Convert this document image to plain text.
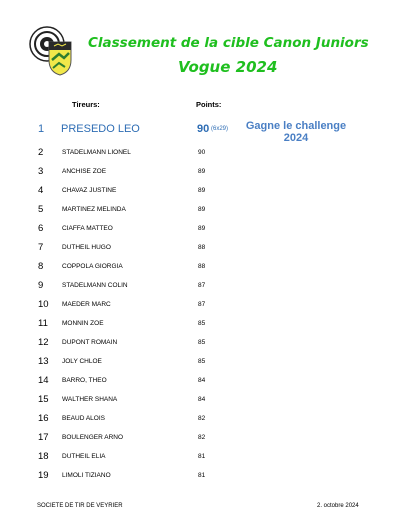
Classement de la cible Canon Juniors
Vogue 2024
Tireurs:	Points:
1 PRESEDO LEO	90 (6x29)	Gagne le challenge
2024
2	STADELMANN LIONEL	90
3	ANCHISE ZOE	89
4	CHAVAZ JUSTINE	89
5	MARTINEZ MELINDA	89
6	CIAFFA MATTEO	89
7	DUTHEIL HUGO	88
8	COPPOLA GIORGIA	88
9	STADELMANN COLIN	87
10 MAEDER MARC	87
11 MONNIN ZOE	85
12 DUPONT ROMAIN	85
13 JOLY CHLOE	85
14 BARRO, THEO	84
15 WALTHER SHANA	84
16 BEAUD ALOIS	82
17 BOULENGER ARNO	82
18 DUTHEIL ELIA	81
19 LIMOLI TIZIANO	81
SOCIETE DE TIR DE VEYRIER	2. octobre 2024
